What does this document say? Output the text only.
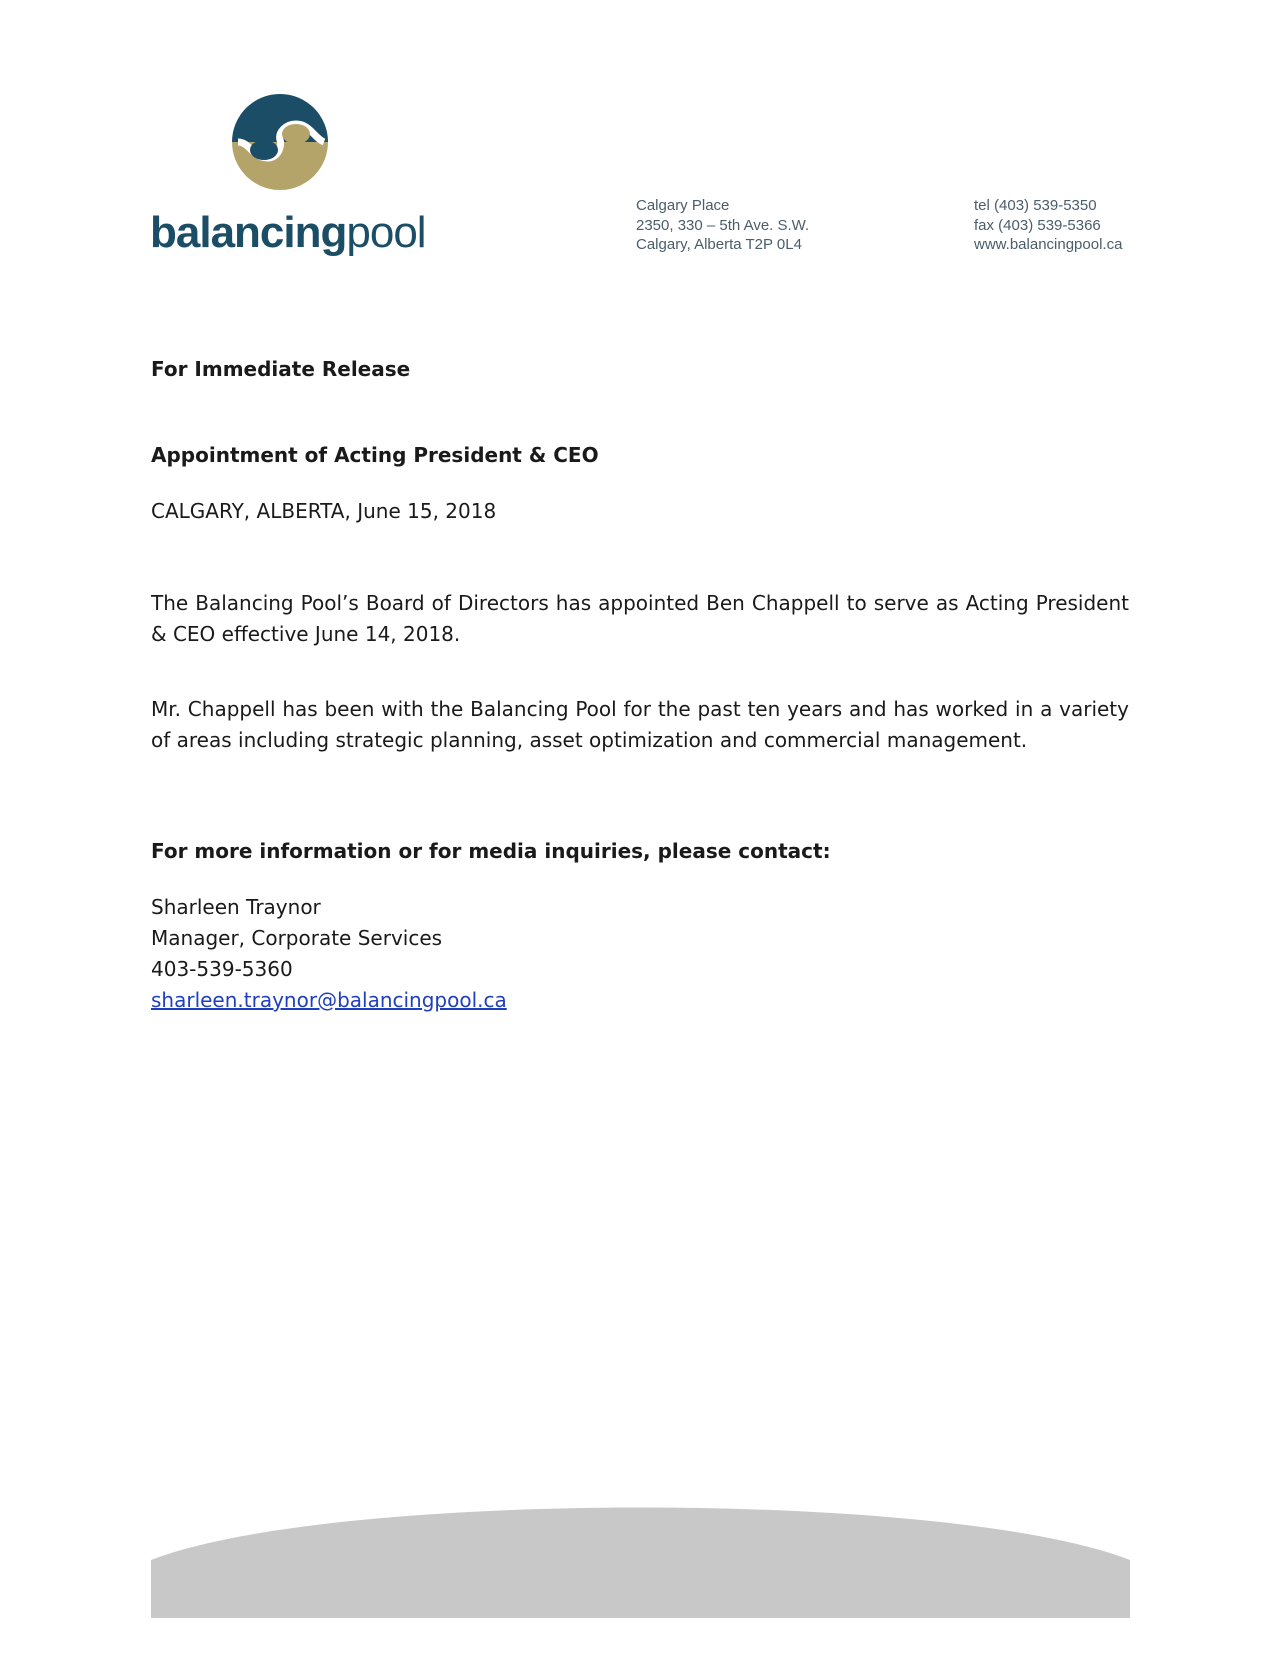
balancingpool
Calgary Place
2350, 330 – 5th Ave. S.W.
Calgary, Alberta T2P 0L4
tel (403) 539-5350
fax (403) 539-5366
www.balancingpool.ca
For Immediate Release
Appointment of Acting President & CEO
CALGARY, ALBERTA, June 15, 2018
The Balancing Pool’s Board of Directors has appointed Ben Chappell to serve as Acting President & CEO effective June 14, 2018.
Mr. Chappell has been with the Balancing Pool for the past ten years and has worked in a variety of areas including strategic planning, asset optimization and commercial management.
For more information or for media inquiries, please contact:
Sharleen Traynor
Manager, Corporate Services
403-539-5360
sharleen.traynor@balancingpool.ca
